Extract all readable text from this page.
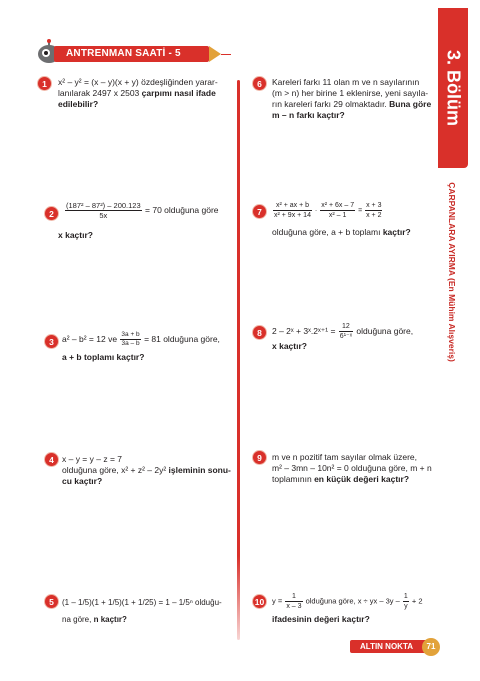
ANTRENMAN SAATİ - 5	3. Bölüm
ÇARPANLARA AYIRMA (En Mühim Alışveriş)
1	x² – y² = (x – y)(x + y) özdeşliğinden yarar-
lanılarak 2497 x 2503 çarpımı nasıl ifade
edilebilir?
2	$\frac{\text{(187² – 87²) – 200.123}}{5x} = 70$ olduğuna göre
x kaçtır?
3 a² – b² = 12 ve $\frac{3a + b}{3a - b} = 81$ olduğuna göre,
a + b toplamı kaçtır?
4 x – y = y – z = 7
olduğuna göre, x² + z² – 2y² işleminin sonu-
cu kaçtır?
5	(1 – 1/5)(1 + 1/5)(1 + 1/25) = 1 – 1/5ⁿ olduğu-
na göre, n kaçtır?
6	Kareleri farkı 11 olan m ve n sayılarının
(m > n) her birine 1 eklenirse, yeni sayıla-
rın kareleri farkı 29 olmaktadır. Buna göre
m – n farkı kaçtır?
7	$\frac{\text{x² + ax + b}}{\text{x² + 9x + 14}} \cdot \frac{\text{x² + 6x – 7}}{\text{x² – 1}} = \frac{x + 3}{x + 2}$
olduğuna göre, a + b toplamı kaçtır?
8	2 – 2ˣ + 3ˣ.2ˣ⁺¹ = $\frac{12}{\text{6¹⁻ˣ}}$ olduğuna göre,
x kaçtır?
9	m ve n pozitif tam sayılar olmak üzere,
m² – 3mn – 10n² = 0 olduğuna göre, m + n
toplamının en küçük değeri kaçtır?
10	$y = \frac{1}{x - 3}$ olduğuna göre, x ÷ yx – $3y - \frac{1}{y} + 2$
ifadesinin değeri kaçtır?
ALTIN NOKTA	71
